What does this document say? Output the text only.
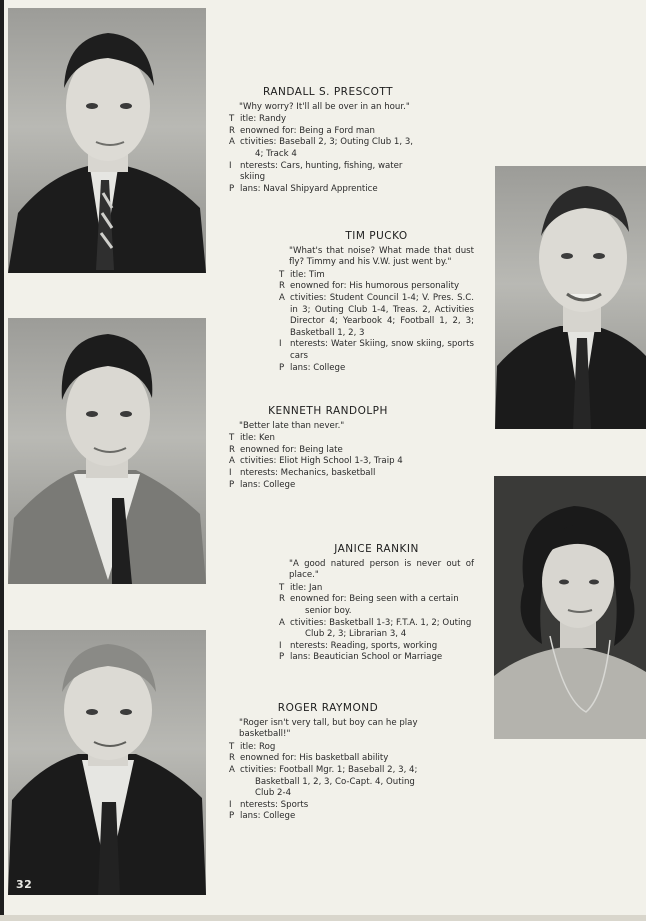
32
RANDALL S. PRESCOTT
"Why worry? It'll all be over in an hour."
T itle: Randy
R enowned for: Being a Ford man
A ctivities: Baseball 2, 3; Outing Club 1, 3,
4; Track 4
I nterests: Cars, hunting, fishing, water skiing
P lans: Naval Shipyard Apprentice
TIM PUCKO
"What's that noise? What made that dust fly? Timmy and his V.W. just went by."
T itle: Tim
R enowned for: His humorous personality
A ctivities: Student Council 1-4; V. Pres. S.C. in 3; Outing Club 1-4, Treas. 2, Activities Director 4; Yearbook 4; Football 1, 2, 3; Basketball 1, 2, 3
I nterests: Water Skiing, snow skiing, sports cars
P lans: College
KENNETH RANDOLPH
"Better late than never."
T itle: Ken
R enowned for: Being late
A ctivities: Eliot High School 1-3, Traip 4
I nterests: Mechanics, basketball
P lans: College
JANICE RANKIN
"A good natured person is never out of place."
T itle: Jan
R enowned for: Being seen with a certain
senior boy.
A ctivities: Basketball 1-3; F.T.A. 1, 2; Outing
Club 2, 3; Librarian 3, 4
I nterests: Reading, sports, working
P lans: Beautician School or Marriage
ROGER RAYMOND
"Roger isn't very tall, but boy can he play basketball!"
T itle: Rog
R enowned for: His basketball ability
A ctivities: Football Mgr. 1; Baseball 2, 3, 4;
Basketball 1, 2, 3, Co-Capt. 4, Outing Club 2-4
I nterests: Sports
P lans: College
